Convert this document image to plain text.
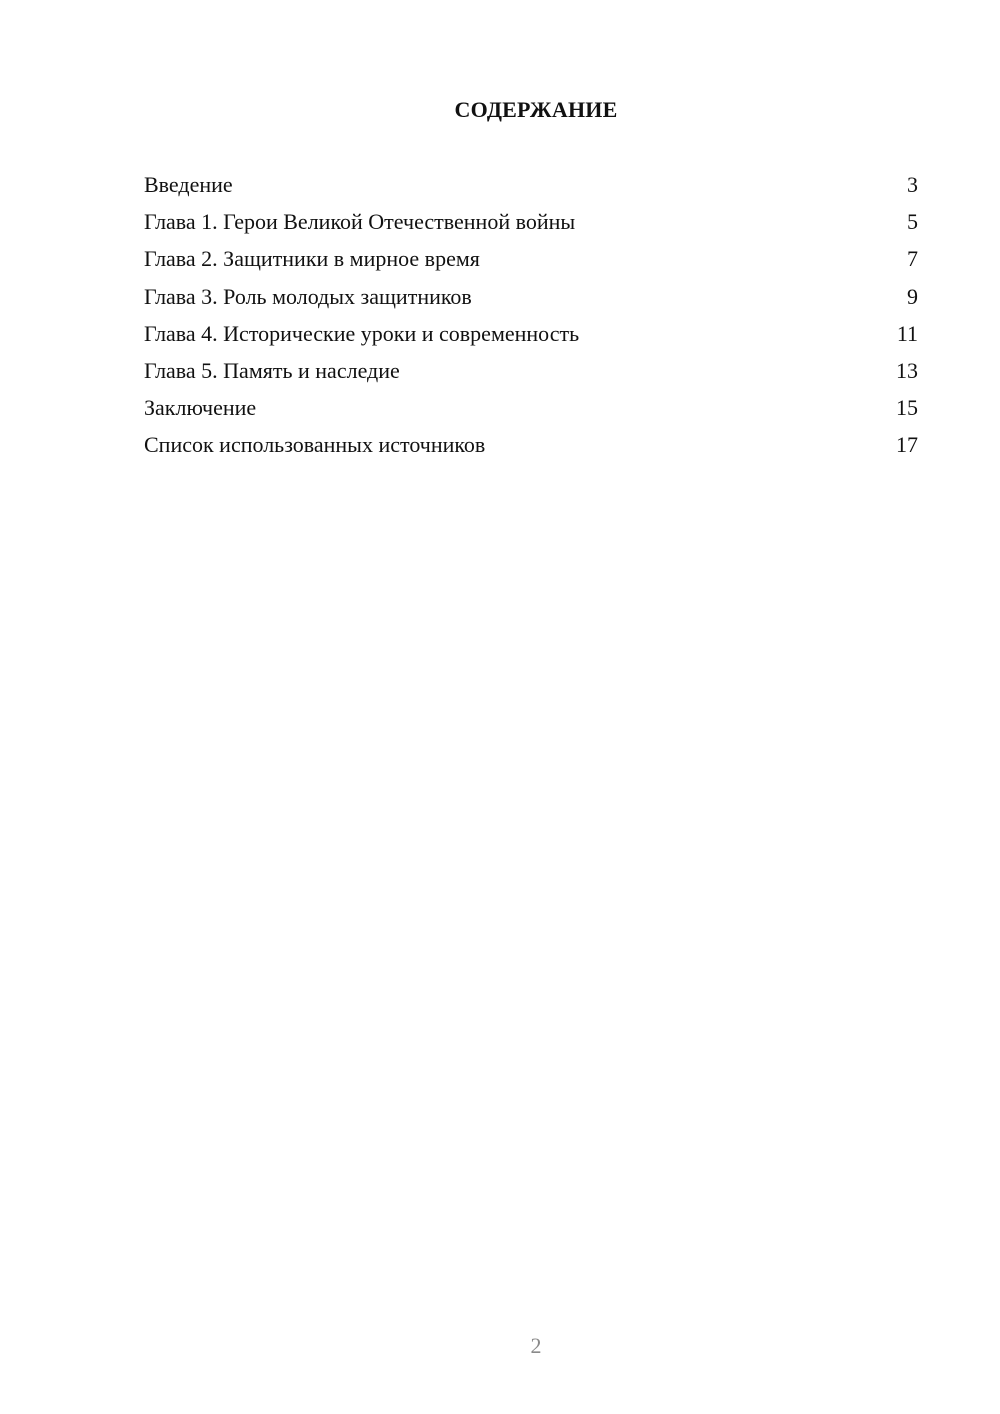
СОДЕРЖАНИЕ
Введение	3
Глава 1. Герои Великой Отечественной войны	5
Глава 2. Защитники в мирное время	7
Глава 3. Роль молодых защитников	9
Глава 4. Исторические уроки и современность	11
Глава 5. Память и наследие	13
Заключение	15
Список использованных источников	17
2
